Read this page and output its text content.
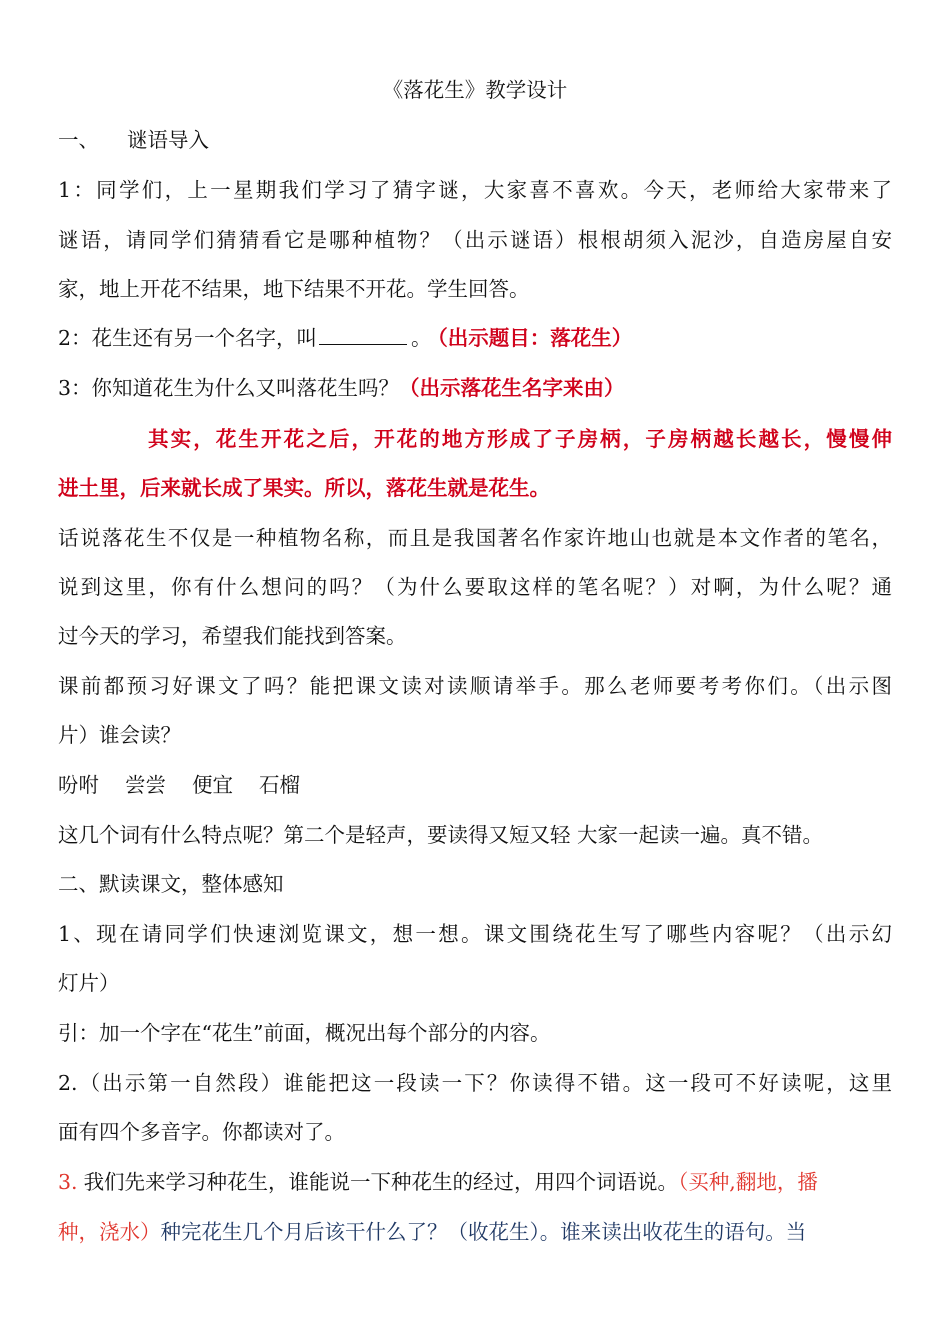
《落花生》教学设计
一、 谜语导入
1：同学们，上一星期我们学习了猜字谜，大家喜不喜欢。今天，老师给大家带来了
谜语，请同学们猜猜看它是哪种植物？（出示谜语）根根胡须入泥沙，自造房屋自安
家，地上开花不结果，地下结果不开花。学生回答。
2：花生还有另一个名字，叫	。 （出示题目：落花生）
3：你知道花生为什么又叫落花生吗？（出示落花生名字来由）
其实，花生开花之后，开花的地方形成了子房柄，子房柄越长越长，慢慢伸
进土里，后来就长成了果实。所以，落花生就是花生。
话说落花生不仅是一种植物名称，而且是我国著名作家许地山也就是本文作者的笔名，
说到这里，你有什么想问的吗？（为什么要取这样的笔名呢？）对啊，为什么呢？通
过今天的学习，希望我们能找到答案。
课前都预习好课文了吗？能把课文读对读顺请举手。那么老师要考考你们。（出示图
片）谁会读？
吩咐 尝尝 便宜 石榴
这几个词有什么特点呢？第二个是轻声，要读得又短又轻 大家一起读一遍。真不错。
二、默读课文，整体感知
1、现在请同学们快速浏览课文，想一想。课文围绕花生写了哪些内容呢？（出示幻
灯片）
引：加一个字在“花生”前面，概况出每个部分的内容。
2.（出示第一自然段）谁能把这一段读一下？你读得不错。这一段可不好读呢，这里
面有四个多音字。你都读对了。
3. 我们先来学习种花生，谁能说一下种花生的经过，用四个词语说。（买种,翻地，播
种，浇水）种完花生几个月后该干什么了？（收花生）。谁来读出收花生的语句。当
